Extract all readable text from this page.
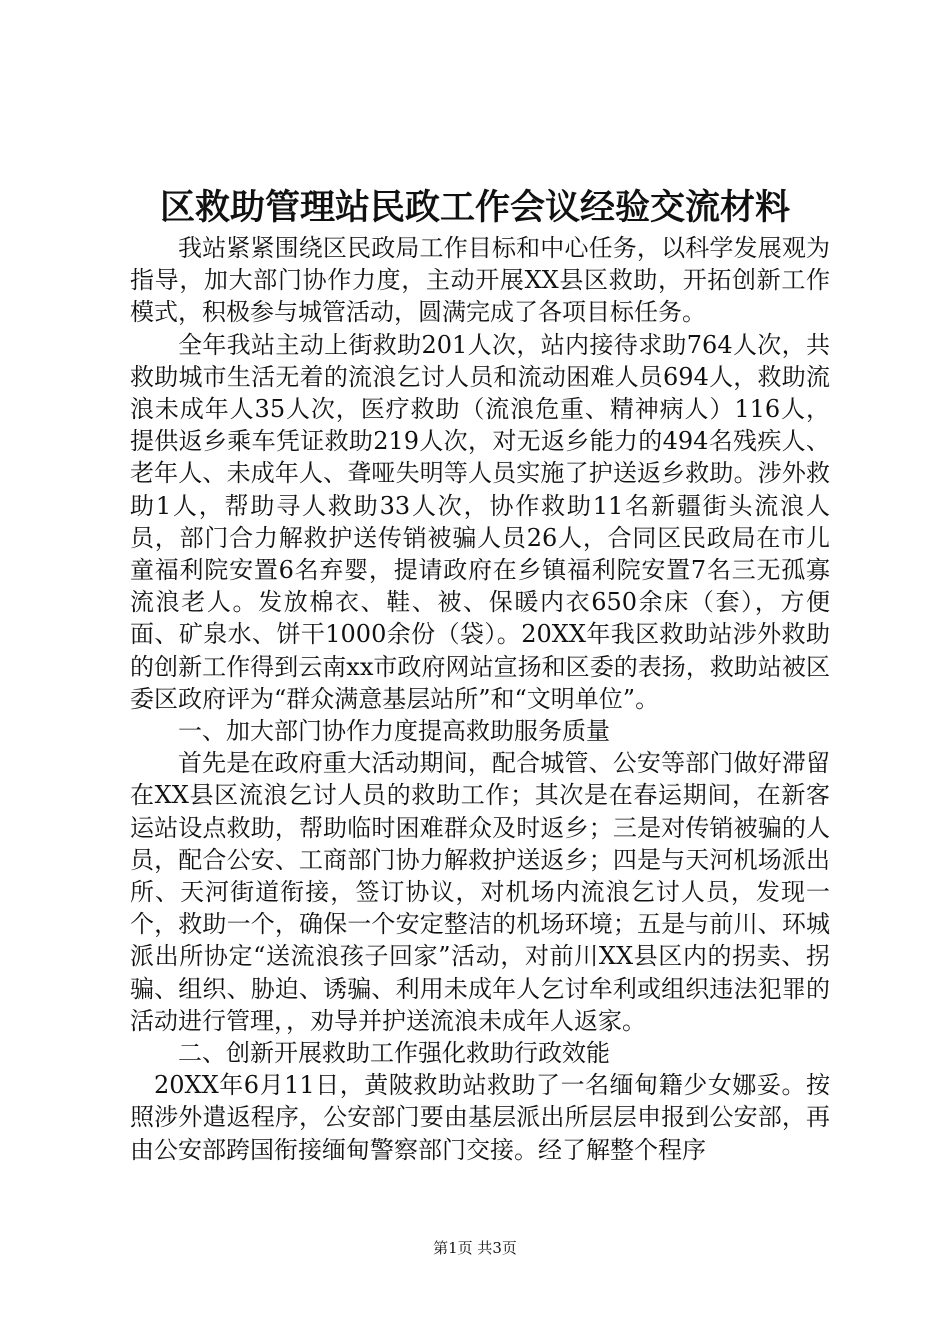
区救助管理站民政工作会议经验交流材料

我站紧紧围绕区民政局工作目标和中心任务，以科学发展观为指导，加大部门协作力度，主动开展XX县区救助，开拓创新工作模式，积极参与城管活动，圆满完成了各项目标任务。

全年我站主动上街救助201人次，站内接待求助764人次，共救助城市生活无着的流浪乞讨人员和流动困难人员694人，救助流浪未成年人35人次，医疗救助（流浪危重、精神病人）116人，提供返乡乘车凭证救助219人次，对无返乡能力的494名残疾人、老年人、未成年人、聋哑失明等人员实施了护送返乡救助。涉外救助1人，帮助寻人救助33人次，协作救助11名新疆街头流浪人员，部门合力解救护送传销被骗人员26人，合同区民政局在市儿童福利院安置6名弃婴，提请政府在乡镇福利院安置7名三无孤寡流浪老人。发放棉衣、鞋、被、保暖内衣650余床（套），方便面、矿泉水、饼干1000余份（袋）。20XX年我区救助站涉外救助的创新工作得到云南xx市政府网站宣扬和区委的表扬，救助站被区委区政府评为“群众满意基层站所”和“文明单位”。

一、加大部门协作力度提高救助服务质量

首先是在政府重大活动期间，配合城管、公安等部门做好滞留在XX县区流浪乞讨人员的救助工作；其次是在春运期间，在新客运站设点救助，帮助临时困难群众及时返乡；三是对传销被骗的人员，配合公安、工商部门协力解救护送返乡；四是与天河机场派出所、天河街道衔接，签订协议，对机场内流浪乞讨人员，发现一个，救助一个，确保一个安定整洁的机场环境；五是与前川、环城派出所协定“送流浪孩子回家”活动，对前川XX县区内的拐卖、拐骗、组织、胁迫、诱骗、利用未成年人乞讨牟利或组织违法犯罪的活动进行管理，，劝导并护送流浪未成年人返家。

二、创新开展救助工作强化救助行政效能

20XX年6月11日，黄陂救助站救助了一名缅甸籍少女娜妥。按照涉外遣返程序，公安部门要由基层派出所层层申报到公安部，再由公安部跨国衔接缅甸警察部门交接。经了解整个程序

第1页 共3页
